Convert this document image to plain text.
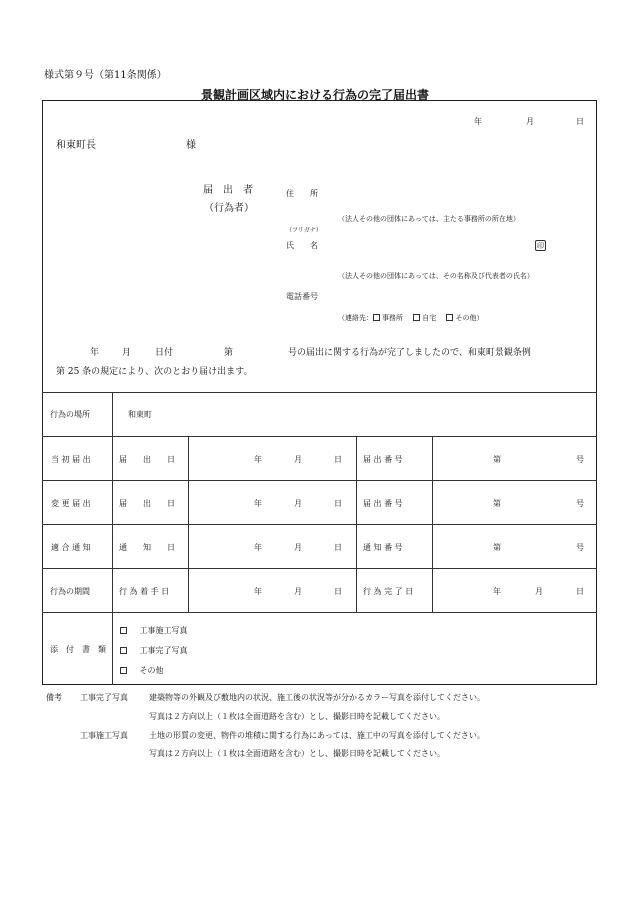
様式第９号（第11条関係）
景観計画区域内における行為の完了届出書
年	月	日
和東町長	様
届　出　者
（行為者）
住　　所
（法人その他の団体にあっては、主たる事務所の所在地）
（フリガナ）
氏　　名	印
（法人その他の団体にあっては、その名称及び代表者の氏名）
電話番号
（連絡先： 事務所	自宅	その他）
年	月	日付	第	号の届出に関する行為が完了しましたので、和東町景観条例
第 25 条の規定により、次のとおり届け出ます。
行為の場所	和東町
当 初 届 出	届　　出　　日	年	月	日	届 出 番 号	第	号
変 更 届 出	届　　出　　日	年	月	日	届 出 番 号	第	号
適 合 通 知	通　　知　　日	年	月	日	通 知 番 号	第	号
行為の期間	行 為 着 手 日	年	月	日	行 為 完 了 日	年	月	日
添　付　書　類
工事施工写真
工事完了写真
その他
備考 工事完了写真	建築物等の外観及び敷地内の状況、施工後の状況等が分かるカラー写真を添付してください。
写真は２方向以上（１枚は全面道路を含む）とし、撮影日時を記載してください。
工事施工写真	土地の形質の変更、物件の堆積に関する行為にあっては、施工中の写真を添付してください。
写真は２方向以上（１枚は全面道路を含む）とし、撮影日時を記載してください。
